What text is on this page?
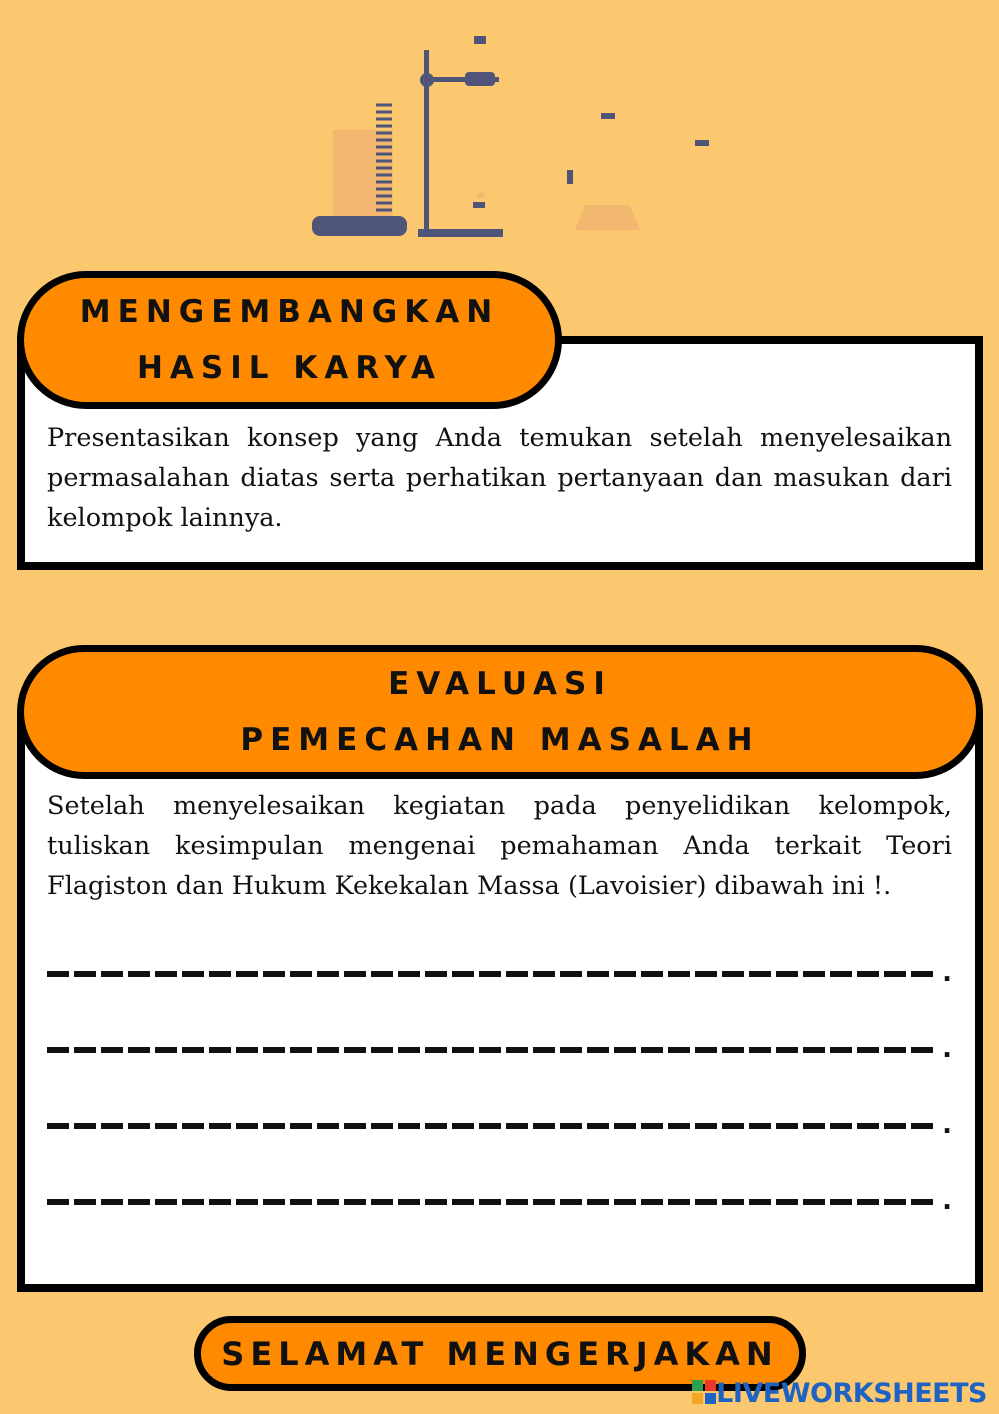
MENGEMBANGKAN
HASIL KARYA
Presentasikan konsep yang Anda temukan setelah menyelesaikan permasalahan diatas serta perhatikan pertanyaan dan masukan dari kelompok lainnya.
EVALUASI
PEMECAHAN MASALAH
Setelah menyelesaikan kegiatan pada penyelidikan kelompok, tuliskan kesimpulan mengenai pemahaman Anda terkait Teori Flagiston dan Hukum Kekekalan Massa (Lavoisier) dibawah ini !.
.
.
.
.
SELAMAT MENGERJAKAN
LIVEWORKSHEETS
